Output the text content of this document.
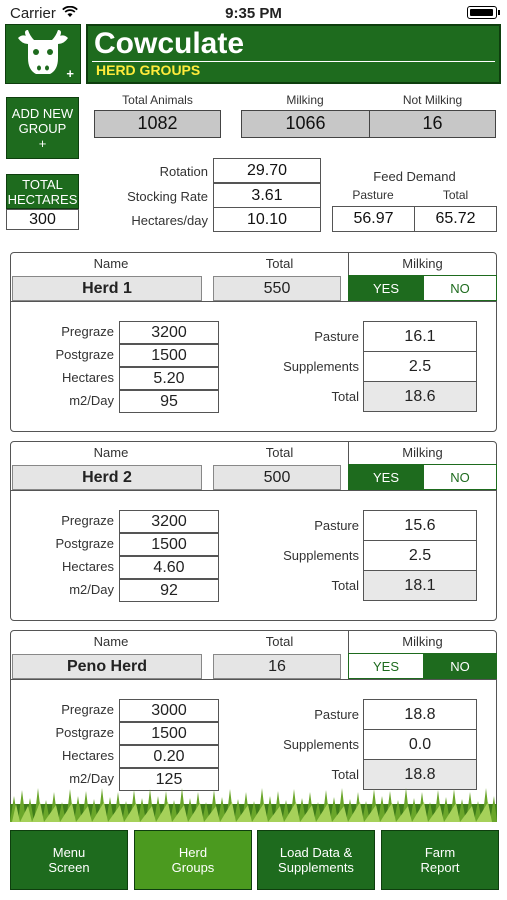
Carrier	9:35 PM
+
Cowculate
HERD GROUPS
ADD NEW
GROUP
+
TOTAL
HECTARES
300
Total Animals
1082
Milking
1066
Not Milking
16
Rotation	29.70
Stocking Rate	3.61
Hectares/day	10.10
Feed Demand
Pasture	Total
56.97	65.72
Name	Total	Milking
Herd 1	550	YES	NO
Pregraze	3200
Postgraze	1500
Hectares	5.20
m2/Day	95
Pasture	16.1
Supplements	2.5
Total	18.6
Name	Total	Milking
Herd 2	500	YES	NO
Pregraze	3200
Postgraze	1500
Hectares	4.60
m2/Day	92
Pasture	15.6
Supplements	2.5
Total	18.1
Name	Total	Milking
Peno Herd	16	YES	NO
Pregraze	3000
Postgraze	1500
Hectares	0.20
m2/Day	125
Pasture	18.8
Supplements	0.0
Total	18.8
Menu
Screen
Herd
Groups
Load Data &
Supplements
Farm
Report
